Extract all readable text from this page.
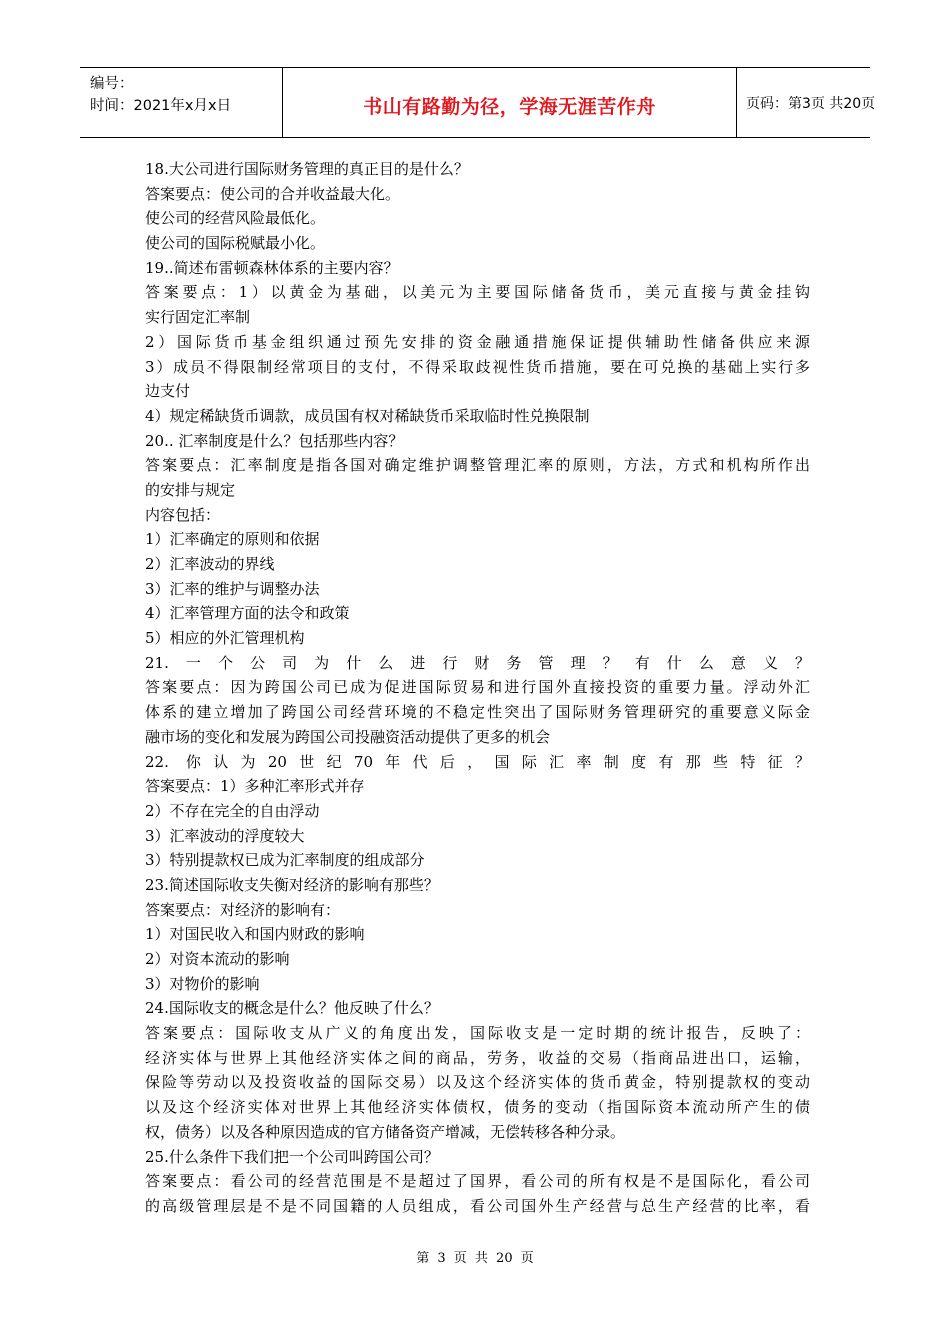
编号：
时间：2021年x月x日	书山有路勤为径，学海无涯苦作舟	页码：第3页 共20页
18.大公司进行国际财务管理的真正目的是什么？
答案要点：使公司的合并收益最大化。
使公司的经营风险最低化。
使公司的国际税赋最小化。
19..简述布雷顿森林体系的主要内容？
答案要点：1）以黄金为基础，以美元为主要国际储备货币，美元直接与黄金挂钩
实行固定汇率制
2）国际货币基金组织通过预先安排的资金融通措施保证提供辅助性储备供应来源
3）成员不得限制经常项目的支付，不得采取歧视性货币措施，要在可兑换的基础上实行多
边支付
4）规定稀缺货币调款，成员国有权对稀缺货币采取临时性兑换限制
20.. 汇率制度是什么？包括那些内容？
答案要点：汇率制度是指各国对确定维护调整管理汇率的原则，方法，方式和机构所作出
的安排与规定
内容包括：
1）汇率确定的原则和依据
2）汇率波动的界线
3）汇率的维护与调整办法
4）汇率管理方面的法令和政策
5）相应的外汇管理机构
21.一个公司为什么进行财务管理？有什么意义？
答案要点：因为跨国公司已成为促进国际贸易和进行国外直接投资的重要力量。浮动外汇
体系的建立增加了跨国公司经营环境的不稳定性突出了国际财务管理研究的重要意义际金
融市场的变化和发展为跨国公司投融资活动提供了更多的机会
22. 你认为20世纪70年代后，国际汇率制度有那些特征？
答案要点：1）多种汇率形式并存
2）不存在完全的自由浮动
3）汇率波动的浮度较大
3）特别提款权已成为汇率制度的组成部分
23.简述国际收支失衡对经济的影响有那些？
答案要点：对经济的影响有：
1）对国民收入和国内财政的影响
2）对资本流动的影响
3）对物价的影响
24.国际收支的概念是什么？他反映了什么？
答案要点：国际收支从广义的角度出发，国际收支是一定时期的统计报告，反映了：
经济实体与世界上其他经济实体之间的商品，劳务，收益的交易（指商品进出口，运输，
保险等劳动以及投资收益的国际交易）以及这个经济实体的货币黄金，特别提款权的变动
以及这个经济实体对世界上其他经济实体债权，债务的变动（指国际资本流动所产生的债
权，债务）以及各种原因造成的官方储备资产增减，无偿转移各种分录。
25.什么条件下我们把一个公司叫跨国公司？
答案要点：看公司的经营范围是不是超过了国界，看公司的所有权是不是国际化，看公司
的高级管理层是不是不同国籍的人员组成，看公司国外生产经营与总生产经营的比率，看
第 3 页 共 20 页
